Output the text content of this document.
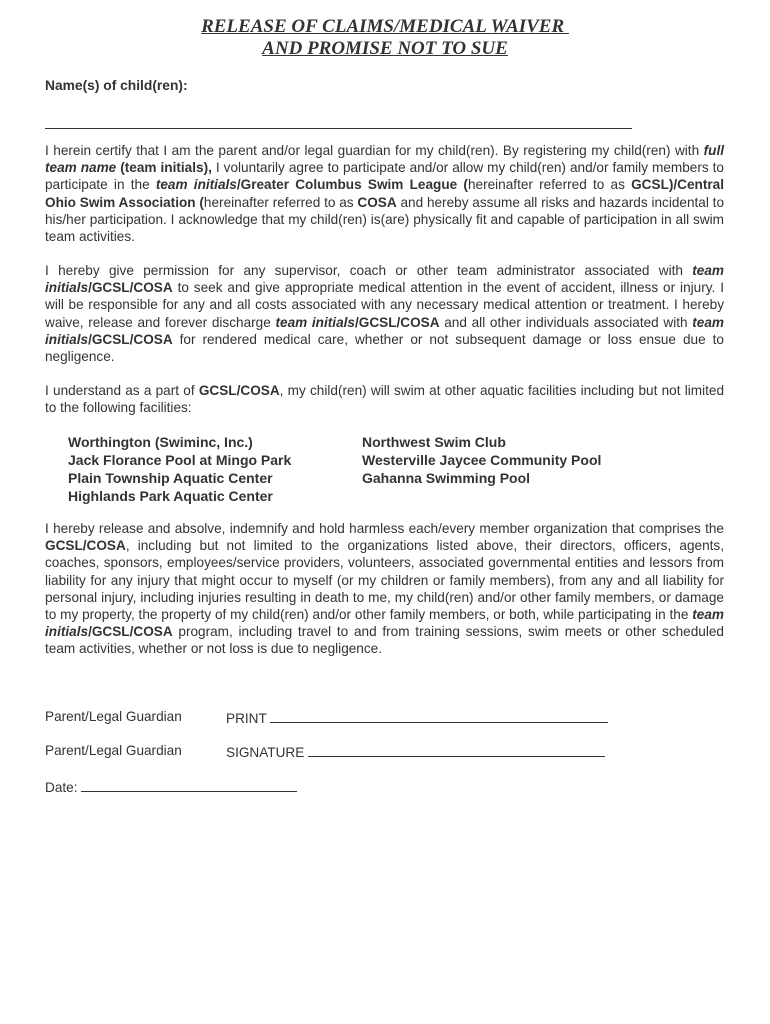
RELEASE OF CLAIMS/MEDICAL WAIVER
AND PROMISE NOT TO SUE
Name(s) of child(ren):

I herein certify that I am the parent and/or legal guardian for my child(ren). By registering my child(ren) with full team name (team initials), I voluntarily agree to participate and/or allow my child(ren) and/or family members to participate in the team initials/Greater Columbus Swim League (hereinafter referred to as GCSL)/Central Ohio Swim Association (hereinafter referred to as COSA and hereby assume all risks and hazards incidental to his/her participation. I acknowledge that my child(ren) is(are) physically fit and capable of participation in all swim team activities.

I hereby give permission for any supervisor, coach or other team administrator associated with team initials/GCSL/COSA to seek and give appropriate medical attention in the event of accident, illness or injury. I will be responsible for any and all costs associated with any necessary medical attention or treatment. I hereby waive, release and forever discharge team initials/GCSL/COSA and all other individuals associated with team initials/GCSL/COSA for rendered medical care, whether or not subsequent damage or loss ensue due to negligence.

I understand as a part of GCSL/COSA, my child(ren) will swim at other aquatic facilities including but not limited to the following facilities:

Worthington (Swiminc, Inc.)
Jack Florance Pool at Mingo Park
Plain Township Aquatic Center
Highlands Park Aquatic Center
Northwest Swim Club
Westerville Jaycee Community Pool
Gahanna Swimming Pool

I hereby release and absolve, indemnify and hold harmless each/every member organization that comprises the GCSL/COSA, including but not limited to the organizations listed above, their directors, officers, agents, coaches, sponsors, employees/service providers, volunteers, associated governmental entities and lessors from liability for any injury that might occur to myself (or my children or family members), from any and all liability for personal injury, including injuries resulting in death to me, my child(ren) and/or other family members, or damage to my property, the property of my child(ren) and/or other family members, or both, while participating in the team initials/GCSL/COSA program, including travel to and from training sessions, swim meets or other scheduled team activities, whether or not loss is due to negligence.

Parent/Legal Guardian	PRINT
Parent/Legal Guardian	SIGNATURE
Date:
